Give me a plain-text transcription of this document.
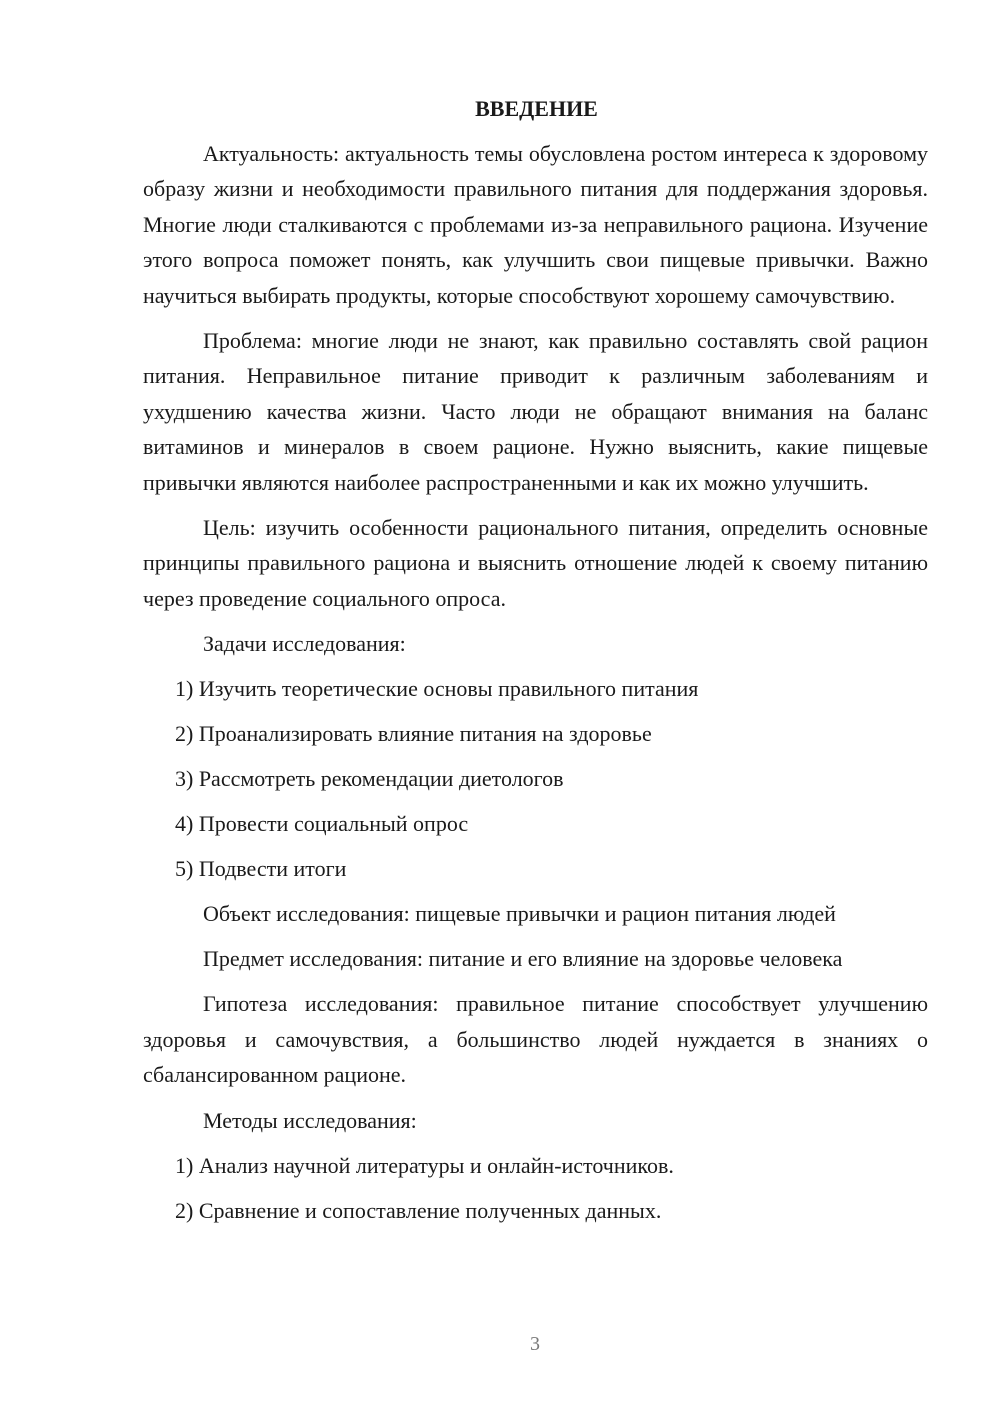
ВВЕДЕНИЕ

Актуальность: актуальность темы обусловлена ростом интереса к здоровому образу жизни и необходимости правильного питания для поддержания здоровья. Многие люди сталкиваются с проблемами из-за неправильного рациона. Изучение этого вопроса поможет понять, как улучшить свои пищевые привычки. Важно научиться выбирать продукты, которые способствуют хорошему самочувствию.

Проблема: многие люди не знают, как правильно составлять свой рацион питания. Неправильное питание приводит к различным заболеваниям и ухудшению качества жизни. Часто люди не обращают внимания на баланс витаминов и минералов в своем рационе. Нужно выяснить, какие пищевые привычки являются наиболее распространенными и как их можно улучшить.

Цель: изучить особенности рационального питания, определить основные принципы правильного рациона и выяснить отношение людей к своему питанию через проведение социального опроса.

Задачи исследования:

1) Изучить теоретические основы правильного питания

2) Проанализировать влияние питания на здоровье

3) Рассмотреть рекомендации диетологов

4) Провести социальный опрос

5) Подвести итоги

Объект исследования: пищевые привычки и рацион питания людей

Предмет исследования: питание и его влияние на здоровье человека

Гипотеза исследования: правильное питание способствует улучшению здоровья и самочувствия, а большинство людей нуждается в знаниях о сбалансированном рационе.

Методы исследования:

1) Анализ научной литературы и онлайн-источников.

2) Сравнение и сопоставление полученных данных.

3
